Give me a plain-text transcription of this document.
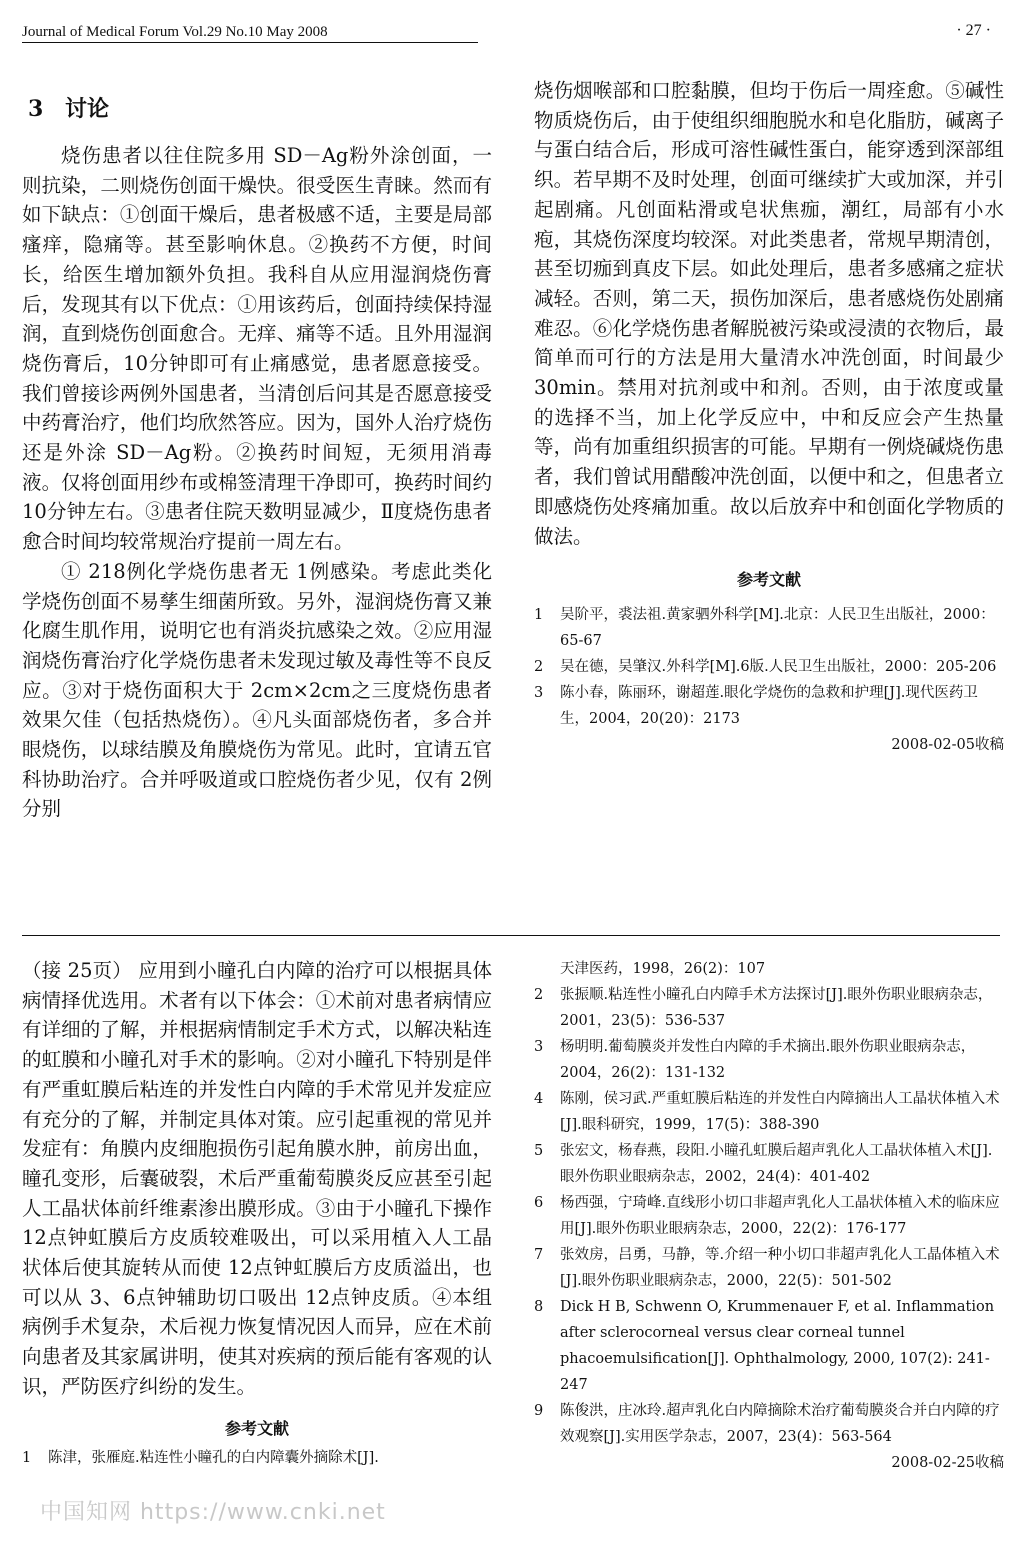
Journal of Medical Forum Vol.29 No.10 May 2008	· 27 ·
3 讨论

烧伤患者以往住院多用 SD－Ag粉外涂创面，一则抗染，二则烧伤创面干燥快。很受医生青睐。然而有如下缺点：①创面干燥后，患者极感不适，主要是局部瘙痒，隐痛等。甚至影响休息。②换药不方便，时间长，给医生增加额外负担。我科自从应用湿润烧伤膏后，发现其有以下优点：①用该药后，创面持续保持湿润，直到烧伤创面愈合。无痒、痛等不适。且外用湿润烧伤膏后，10分钟即可有止痛感觉，患者愿意接受。我们曾接诊两例外国患者，当清创后问其是否愿意接受中药膏治疗，他们均欣然答应。因为，国外人治疗烧伤还是外涂 SD－Ag粉。②换药时间短，无须用消毒液。仅将创面用纱布或棉签清理干净即可，换药时间约10分钟左右。③患者住院天数明显减少，Ⅱ度烧伤患者愈合时间均较常规治疗提前一周左右。

① 218例化学烧伤患者无 1例感染。考虑此类化学烧伤创面不易孳生细菌所致。另外，湿润烧伤膏又兼化腐生肌作用，说明它也有消炎抗感染之效。②应用湿润烧伤膏治疗化学烧伤患者未发现过敏及毒性等不良反应。③对于烧伤面积大于 2cm×2cm之三度烧伤患者效果欠佳（包括热烧伤）。④凡头面部烧伤者，多合并眼烧伤，以球结膜及角膜烧伤为常见。此时，宜请五官科协助治疗。合并呼吸道或口腔烧伤者少见，仅有 2例分别

烧伤烟喉部和口腔黏膜，但均于伤后一周痊愈。⑤碱性物质烧伤后，由于使组织细胞脱水和皂化脂肪，碱离子与蛋白结合后，形成可溶性碱性蛋白，能穿透到深部组织。若早期不及时处理，创面可继续扩大或加深，并引起剧痛。凡创面粘滑或皂状焦痂，潮红，局部有小水疱，其烧伤深度均较深。对此类患者，常规早期清创，甚至切痂到真皮下层。如此处理后，患者多感痛之症状减轻。否则，第二天，损伤加深后，患者感烧伤处剧痛难忍。⑥化学烧伤患者解脱被污染或浸渍的衣物后，最简单而可行的方法是用大量清水冲洗创面，时间最少 30min。禁用对抗剂或中和剂。否则，由于浓度或量的选择不当，加上化学反应中，中和反应会产生热量等，尚有加重组织损害的可能。早期有一例烧碱烧伤患者，我们曾试用醋酸冲洗创面，以便中和之，但患者立即感烧伤处疼痛加重。故以后放弃中和创面化学物质的做法。

参考文献

1 吴阶平，裘法祖.黄家驷外科学[M].北京：人民卫生出版社，2000：65-67
2 吴在德，吴肇汉.外科学[M].6版.人民卫生出版社，2000：205-206
3 陈小春，陈丽环，谢超莲.眼化学烧伤的急救和护理[J].现代医药卫生，2004，20(20)：2173

2008-02-05收稿

（接 25页） 应用到小瞳孔白内障的治疗可以根据具体病情择优选用。术者有以下体会：①术前对患者病情应有详细的了解，并根据病情制定手术方式，以解决粘连的虹膜和小瞳孔对手术的影响。②对小瞳孔下特别是伴有严重虹膜后粘连的并发性白内障的手术常见并发症应有充分的了解，并制定具体对策。应引起重视的常见并发症有：角膜内皮细胞损伤引起角膜水肿，前房出血，瞳孔变形，后囊破裂，术后严重葡萄膜炎反应甚至引起人工晶状体前纤维素渗出膜形成。③由于小瞳孔下操作 12点钟虹膜后方皮质较难吸出，可以采用植入人工晶状体后使其旋转从而使 12点钟虹膜后方皮质溢出，也可以从 3、6点钟辅助切口吸出 12点钟皮质。④本组病例手术复杂，术后视力恢复情况因人而异，应在术前向患者及其家属讲明，使其对疾病的预后能有客观的认识，严防医疗纠纷的发生。

参考文献

1 陈津，张雁庭.粘连性小瞳孔的白内障囊外摘除术[J].
天津医药，1998，26(2)：107
2 张振顺.粘连性小瞳孔白内障手术方法探讨[J].眼外伤职业眼病杂志，2001，23(5)：536-537
3 杨明明.葡萄膜炎并发性白内障的手术摘出.眼外伤职业眼病杂志，2004，26(2)：131-132
4 陈刚，侯习武.严重虹膜后粘连的并发性白内障摘出人工晶状体植入术[J].眼科研究，1999，17(5)：388-390
5 张宏文，杨春燕，段阳.小瞳孔虹膜后超声乳化人工晶状体植入术[J].眼外伤职业眼病杂志，2002，24(4)：401-402
6 杨西强，宁琦峰.直线形小切口非超声乳化人工晶状体植入术的临床应用[J].眼外伤职业眼病杂志，2000，22(2)：176-177
7 张效房，吕勇，马静，等.介绍一种小切口非超声乳化人工晶体植入术[J].眼外伤职业眼病杂志，2000，22(5)：501-502
8 Dick H B, Schwenn O, Krummenauer F, et al. Inflammation after sclerocorneal versus clear corneal tunnel phacoemulsification[J]. Ophthalmology, 2000, 107(2): 241-247
9 陈俊洪，庄冰玲.超声乳化白内障摘除术治疗葡萄膜炎合并白内障的疗效观察[J].实用医学杂志，2007，23(4)：563-564

2008-02-25收稿

中国知网 https://www.cnki.net
